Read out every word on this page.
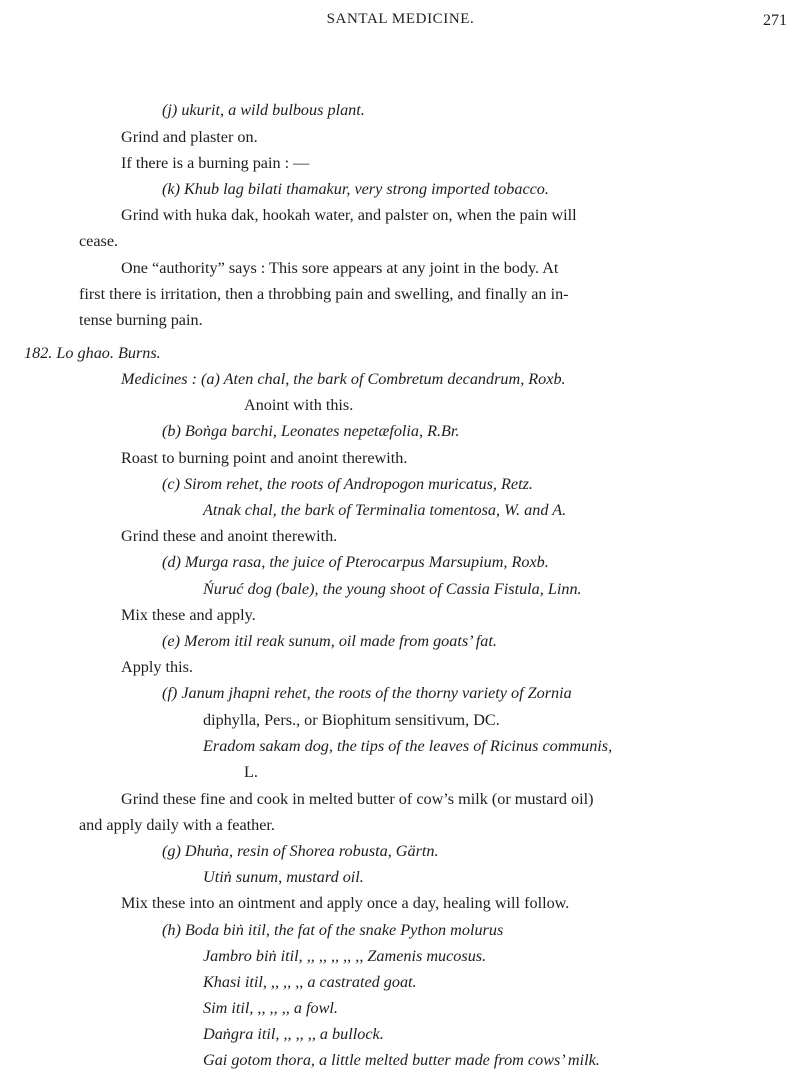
SANTAL MEDICINE.	271
(j) ukurit, a wild bulbous plant.
Grind and plaster on.
If there is a burning pain : —
(k) Khub lag bilati thamakur, very strong imported tobacco.
Grind with huka dak, hookah water, and palster on, when the pain will
cease.
One “authority” says : This sore appears at any joint in the body. At
first there is irritation, then a throbbing pain and swelling, and finally an in-
tense burning pain.
182. Lo ghao. Burns.
Medicines : (a) Aten chal, the bark of Combretum decandrum, Roxb.
Anoint with this.
(b) Boṅga barchi, Leonates nepetæfolia, R.Br.
Roast to burning point and anoint therewith.
(c) Sirom rehet, the roots of Andropogon muricatus, Retz.
Atnak chal, the bark of Terminalia tomentosa, W. and A.
Grind these and anoint therewith.
(d) Murga rasa, the juice of Pterocarpus Marsupium, Roxb.
Ńuruć dog (bale), the young shoot of Cassia Fistula, Linn.
Mix these and apply.
(e) Merom itil reak sunum, oil made from goats’ fat.
Apply this.
(f) Janum jhapni rehet, the roots of the thorny variety of Zornia
diphylla, Pers., or Biophitum sensitivum, DC.
Eradom sakam dog, the tips of the leaves of Ricinus communis,
L.
Grind these fine and cook in melted butter of cow’s milk (or mustard oil)
and apply daily with a feather.
(g) Dhuṅa, resin of Shorea robusta, Gärtn.
Utiṅ sunum, mustard oil.
Mix these into an ointment and apply once a day, healing will follow.
(h) Boda biṅ itil, the fat of the snake Python molurus
Jambro biṅ itil, ,, ,, ,, ,, ,, Zamenis mucosus.
Khasi itil, ,, ,, ,, a castrated goat.
Sim itil, ,, ,, ,, a fowl.
Daṅgra itil, ,, ,, ,, a bullock.
Gai gotom thora, a little melted butter made from cows’ milk.
